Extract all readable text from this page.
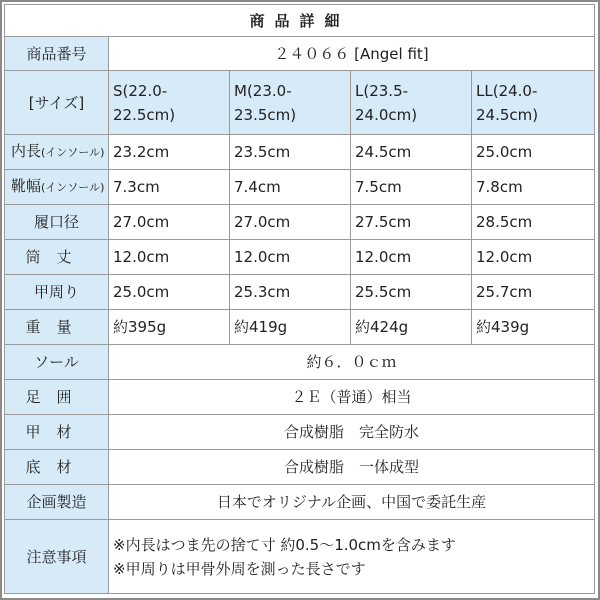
商品詳細				
商品番号	２４０６６ [Angel fit]			
[サイズ]	S(22.0-22.5cm)	M(23.0-23.5cm)	L(23.5-24.0cm)	LL(24.0-24.5cm)
内長(インソール)	23.2cm	23.5cm	24.5cm	25.0cm
靴幅(インソール)	7.3cm	7.4cm	7.5cm	7.8cm
履口径	27.0cm	27.0cm	27.5cm	28.5cm
筒丈	12.0cm	12.0cm	12.0cm	12.0cm
甲周り	25.0cm	25.3cm	25.5cm	25.7cm
重量	約395g	約419g	約424g	約439g
ソール	約６．０ｃｍ			
足囲	２Ｅ（普通）相当			
甲材	合成樹脂　完全防水			
底材	合成樹脂　一体成型			
企画製造	日本でオリジナル企画、中国で委託生産			
注意事項	※内長はつま先の捨て寸 約0.5～1.0cmを含みます
※甲周りは甲骨外周を測った長さです			
